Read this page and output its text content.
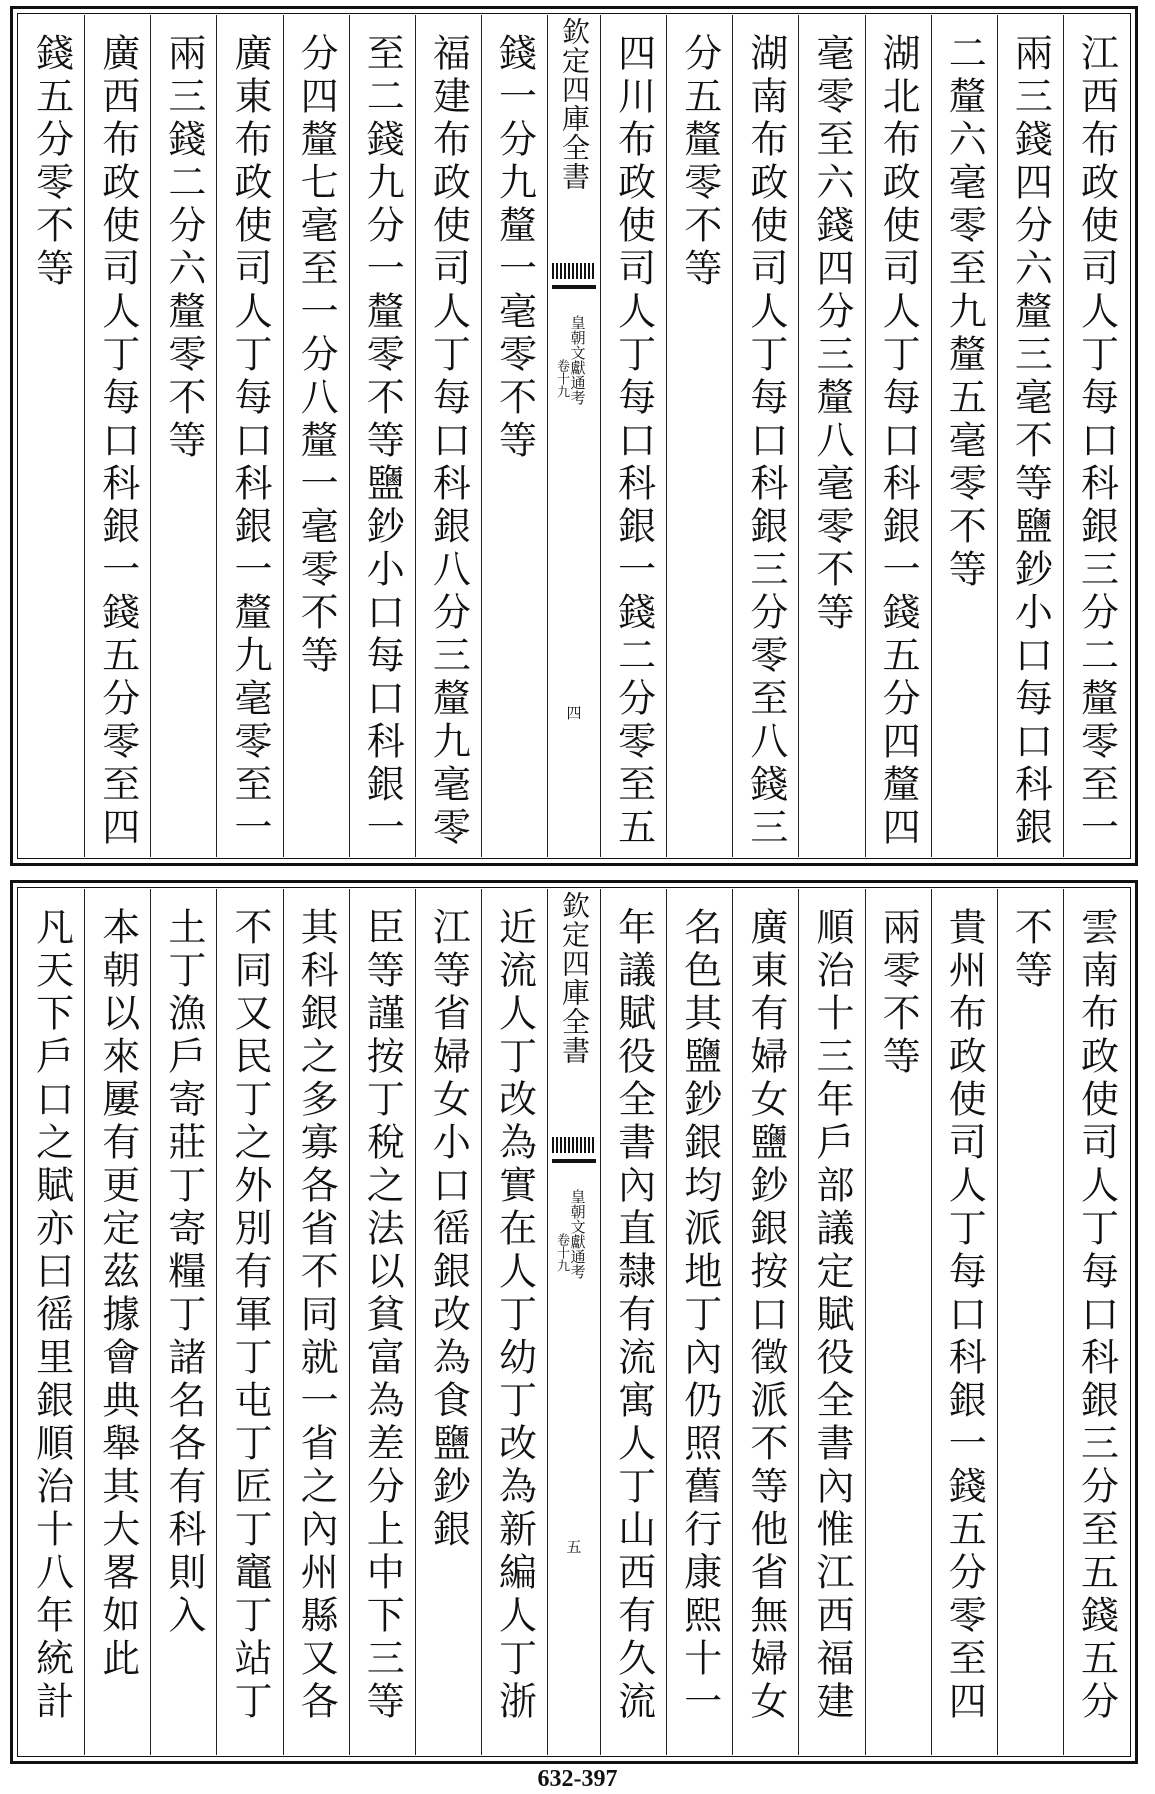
江西布政使司人丁每口科銀三分二釐零至一
兩三錢四分六釐三毫不等鹽鈔小口每口科銀
二釐六毫零至九釐五毫零不等
湖北布政使司人丁每口科銀一錢五分四釐四
毫零至六錢四分三釐八毫零不等
湖南布政使司人丁每口科銀三分零至八錢三
分五釐零不等
四川布政使司人丁每口科銀一錢二分零至五
欽定四庫全書
皇朝文獻通考
卷十九
四
錢一分九釐一毫零不等
福建布政使司人丁每口科銀八分三釐九毫零
至二錢九分一釐零不等鹽鈔小口每口科銀一
分四釐七毫至一分八釐一毫零不等
廣東布政使司人丁每口科銀一釐九毫零至一
兩三錢二分六釐零不等
廣西布政使司人丁每口科銀一錢五分零至四
錢五分零不等
雲南布政使司人丁每口科銀三分至五錢五分
不等
貴州布政使司人丁每口科銀一錢五分零至四
兩零不等
順治十三年戶部議定賦役全書內惟江西福建
廣東有婦女鹽鈔銀按口徵派不等他省無婦女
名色其鹽鈔銀均派地丁內仍照舊行康熙十一
年議賦役全書內直隸有流寓人丁山西有久流
欽定四庫全書
皇朝文獻通考
卷十九
五
近流人丁改為實在人丁幼丁改為新編人丁浙
江等省婦女小口徭銀改為食鹽鈔銀
臣等謹按丁稅之法以貧富為差分上中下三等
其科銀之多寡各省不同就一省之內州縣又各
不同又民丁之外別有軍丁屯丁匠丁竈丁站丁
土丁漁戶寄莊丁寄糧丁諸名各有科則入
本朝以來屢有更定茲據會典舉其大畧如此
凡天下戶口之賦亦曰徭里銀順治十八年統計
632-397
